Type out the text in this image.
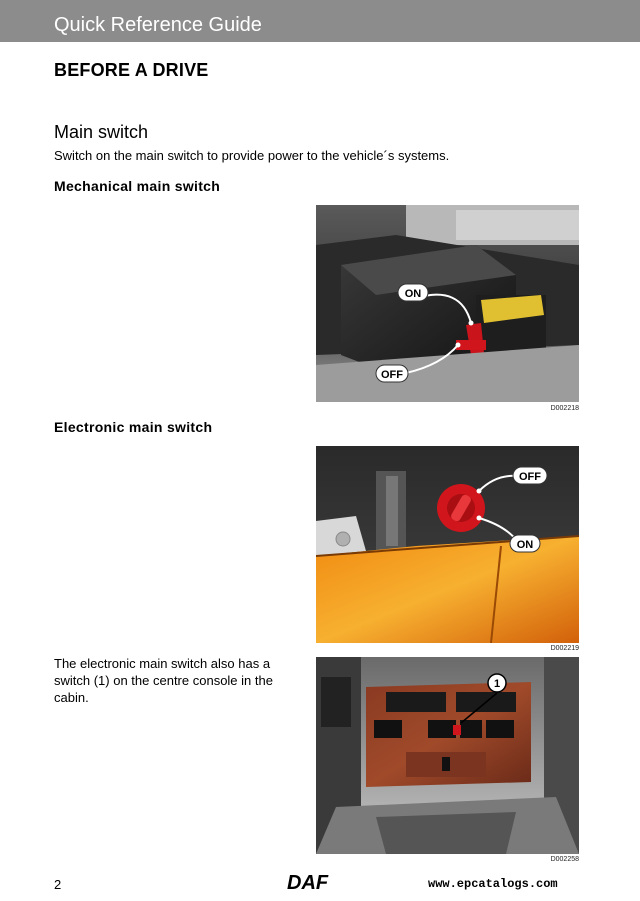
Quick Reference Guide
BEFORE A DRIVE
Main switch
Switch on the main switch to provide power to the vehicle´s systems.
Mechanical main switch
ON
OFF
D002218
Electronic main switch
OFF
ON
D002219
The electronic main switch also has a switch (1) on the centre console in the cabin.
1
D002258
2	DAF	www.epcatalogs.com
